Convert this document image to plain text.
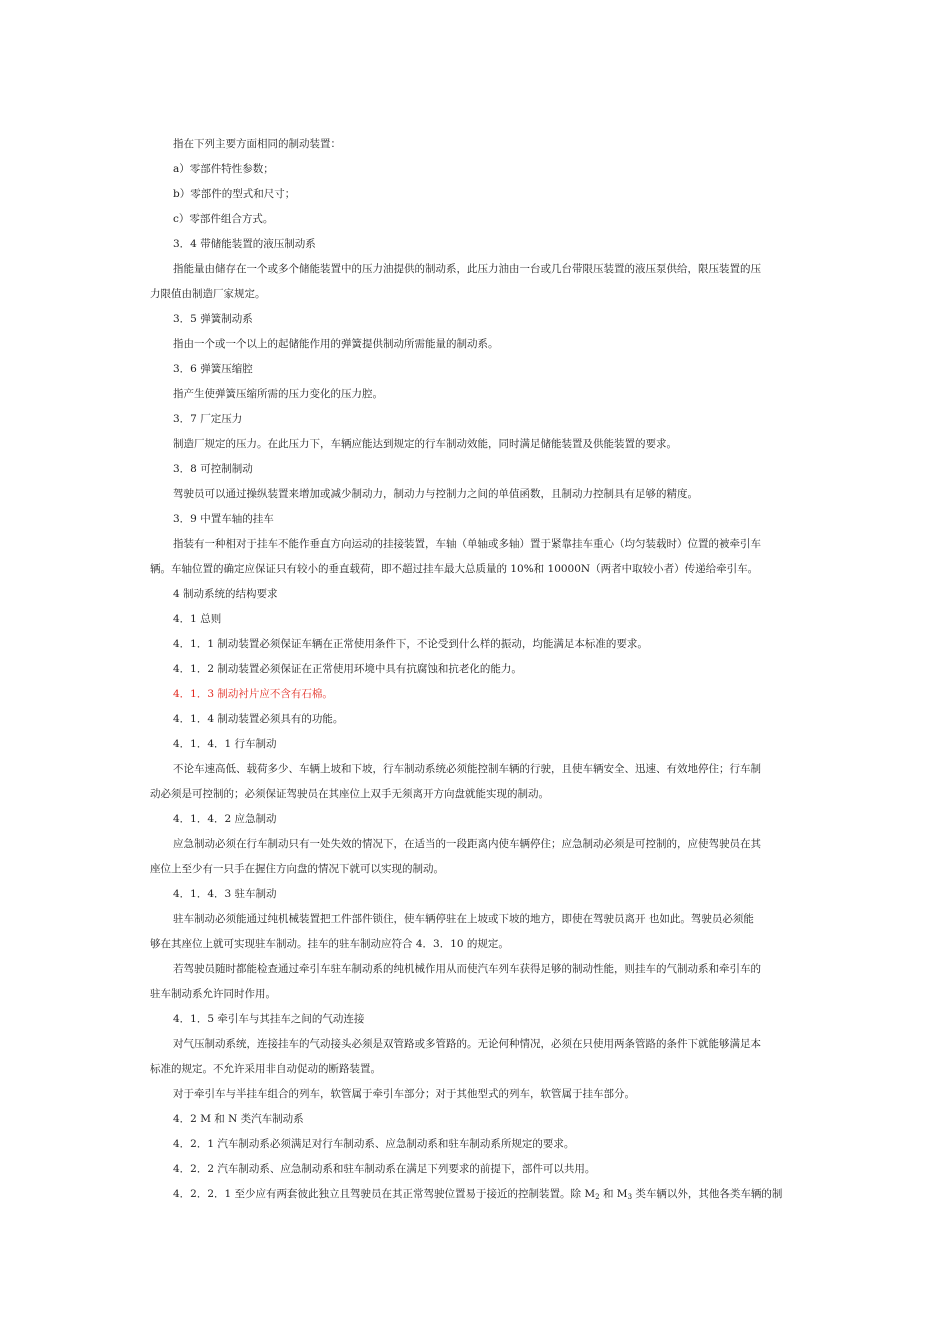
指在下列主要方面相同的制动装置：
a）零部件特性参数；
b）零部件的型式和尺寸；
c）零部件组合方式。
3．4 带储能装置的液压制动系
指能量由储存在一个或多个储能装置中的压力油提供的制动系，此压力油由一台或几台带限压装置的液压泵供给，限压装置的压
力限值由制造厂家规定。
3．5 弹簧制动系
指由一个或一个以上的起储能作用的弹簧提供制动所需能量的制动系。
3．6 弹簧压缩腔
指产生使弹簧压缩所需的压力变化的压力腔。
3．7 厂定压力
制造厂规定的压力。在此压力下，车辆应能达到规定的行车制动效能，同时满足储能装置及供能装置的要求。
3．8 可控制制动
驾驶员可以通过操纵装置来增加或减少制动力，制动力与控制力之间的单值函数，且制动力控制具有足够的精度。
3．9 中置车轴的挂车
指装有一种相对于挂车不能作垂直方向运动的挂接装置，车轴（单轴或多轴）置于紧靠挂车重心（均匀装载时）位置的被牵引车
辆。车轴位置的确定应保证只有较小的垂直载荷，即不超过挂车最大总质量的 10%和 10000N（两者中取较小者）传递给牵引车。
4 制动系统的结构要求
4．1 总则
4．1．1 制动装置必须保证车辆在正常使用条件下，不论受到什么样的振动，均能满足本标准的要求。
4．1．2 制动装置必须保证在正常使用环境中具有抗腐蚀和抗老化的能力。
4．1．3 制动衬片应不含有石棉。
4．1．4 制动装置必须具有的功能。
4．1．4．1 行车制动
不论车速高低、载荷多少、车辆上坡和下坡，行车制动系统必须能控制车辆的行驶，且使车辆安全、迅速、有效地停住；行车制
动必须是可控制的；必须保证驾驶员在其座位上双手无须离开方向盘就能实现的制动。
4．1．4．2 应急制动
应急制动必须在行车制动只有一处失效的情况下，在适当的一段距离内使车辆停住；应急制动必须是可控制的，应使驾驶员在其
座位上至少有一只手在握住方向盘的情况下就可以实现的制动。
4．1．4．3 驻车制动
驻车制动必须能通过纯机械装置把工件部件锁住，使车辆停驻在上坡或下坡的地方，即使在驾驶员离开 也如此。驾驶员必须能
够在其座位上就可实现驻车制动。挂车的驻车制动应符合 4．3．10 的规定。
若驾驶员随时都能检查通过牵引车驻车制动系的纯机械作用从而使汽车列车获得足够的制动性能，则挂车的气制动系和牵引车的
驻车制动系允许同时作用。
4．1．5 牵引车与其挂车之间的气动连接
对气压制动系统，连接挂车的气动接头必须是双管路或多管路的。无论何种情况，必须在只使用两条管路的条件下就能够满足本
标准的规定。不允许采用非自动促动的断路装置。
对于牵引车与半挂车组合的列车，软管属于牵引车部分；对于其他型式的列车，软管属于挂车部分。
4．2 M 和 N 类汽车制动系
4．2．1 汽车制动系必须满足对行车制动系、应急制动系和驻车制动系所规定的要求。
4．2．2 汽车制动系、应急制动系和驻车制动系在满足下列要求的前提下，部件可以共用。
4．2．2．1 至少应有两套彼此独立且驾驶员在其正常驾驶位置易于接近的控制装置。除 $M_2$ 和 $M_3$ 类车辆以外，其他各类车辆的制
